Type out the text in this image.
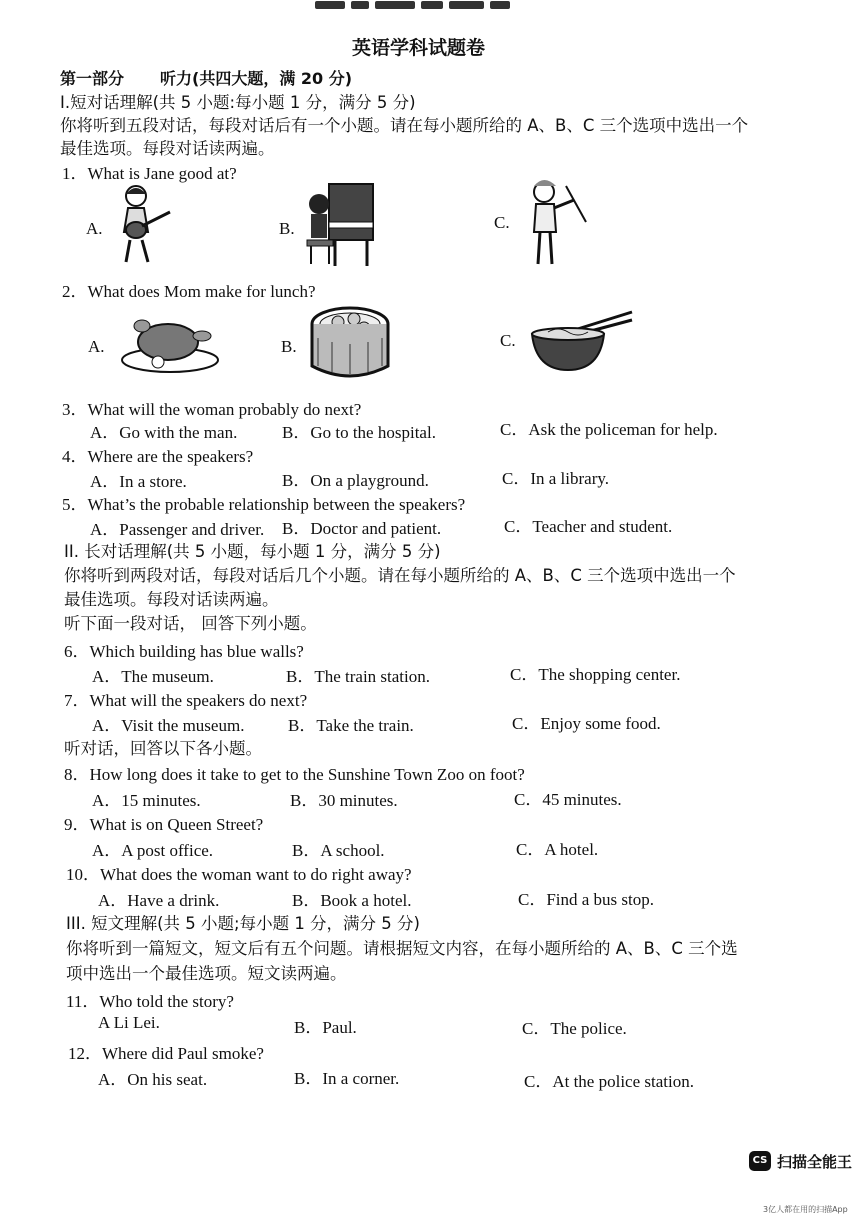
英语学科试题卷
第一部分 听力(共四大题，满 20 分)
I.短对话理解(共 5 小题:每小题 1 分，满分 5 分)
你将听到五段对话，每段对话后有一个小题。请在每小题所给的 A、B、C 三个选项中选出一个
最佳选项。每段对话读两遍。
1．What is Jane good at?
A.	B.	C.
2．What does Mom make for lunch?
A.	B.	C.
3．What will the woman probably do next?
A．Go with the man.	B．Go to the hospital.	C．Ask the policeman for help.
4．Where are the speakers?
A．In a store.	B．On a playground.	C．In a library.
5．What’s the probable relationship between the speakers?
A．Passenger and driver. B．Doctor and patient.	C．Teacher and student.
II. 长对话理解(共 5 小题，每小题 1 分，满分 5 分)
你将听到两段对话，每段对话后几个小题。请在每小题所给的 A、B、C 三个选项中选出一个
最佳选项。每段对话读两遍。
听下面一段对话， 回答下列小题。
6．Which building has blue walls?
A．The museum.	B．The train station.	C．The shopping center.
7．What will the speakers do next?
A．Visit the museum.	B．Take the train.	C．Enjoy some food.
听对话，回答以下各小题。
8．How long does it take to get to the Sunshine Town Zoo on foot?
A．15 minutes.	B．30 minutes.	C．45 minutes.
9．What is on Queen Street?
A．A post office.	B．A school.	C．A hotel.
10．What does the woman want to do right away?
A．Have a drink.	B．Book a hotel.	C．Find a bus stop.
III. 短文理解(共 5 小题;每小题 1 分，满分 5 分)
你将听到一篇短文，短文后有五个问题。请根据短文内容，在每小题所给的 A、B、C 三个选
项中选出一个最佳选项。短文读两遍。
11．Who told the story?
A Li Lei.	B．Paul.	C．The police.
12．Where did Paul smoke?
A．On his seat.	B．In a corner.	C．At the police station.
CS 扫描全能王
3亿人都在用的扫描App
